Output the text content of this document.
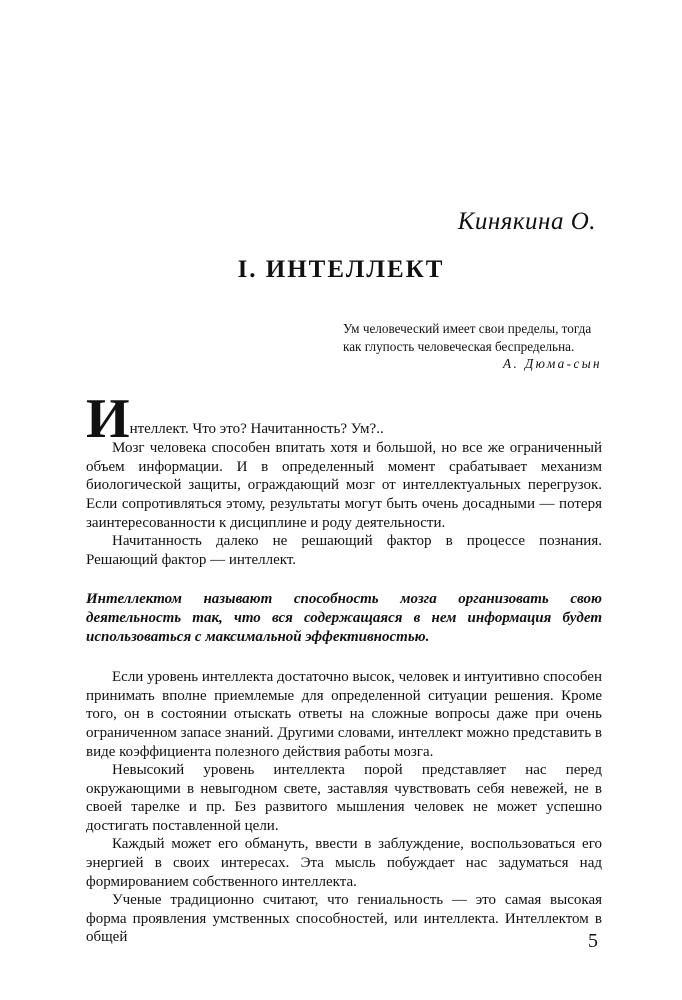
Кинякина О.
I. ИНТЕЛЛЕКТ
Ум человеческий имеет свои пределы, тогда как глупость человеческая беспредельна.
А. Дюма-сын

Интеллект. Что это? Начитанность? Ум?..

Мозг человека способен впитать хотя и большой, но все же ограниченный объем информации. И в определенный момент срабатывает механизм биологической защиты, ограждающий мозг от интеллектуальных перегрузок. Если сопротивляться этому, результаты могут быть очень досадными — потеря заинтересованности к дисциплине и роду деятельности.

Начитанность далеко не решающий фактор в процессе познания. Решающий фактор — интеллект.

Интеллектом называют способность мозга организовать свою деятельность так, что вся содержащаяся в нем информация будет использоваться с максимальной эффективностью.

Если уровень интеллекта достаточно высок, человек и интуитивно способен принимать вполне приемлемые для определенной ситуации решения. Кроме того, он в состоянии отыскать ответы на сложные вопросы даже при очень ограниченном запасе знаний. Другими словами, интеллект можно представить в виде коэффициента полезного действия работы мозга.

Невысокий уровень интеллекта порой представляет нас перед окружающими в невыгодном свете, заставляя чувствовать себя невежей, не в своей тарелке и пр. Без развитого мышления человек не может успешно достигать поставленной цели.

Каждый может его обмануть, ввести в заблуждение, воспользоваться его энергией в своих интересах. Эта мысль побуждает нас задуматься над формированием собственного интеллекта.

Ученые традиционно считают, что гениальность — это самая высокая форма проявления умственных способностей, или интеллекта. Интеллектом в общей	5
